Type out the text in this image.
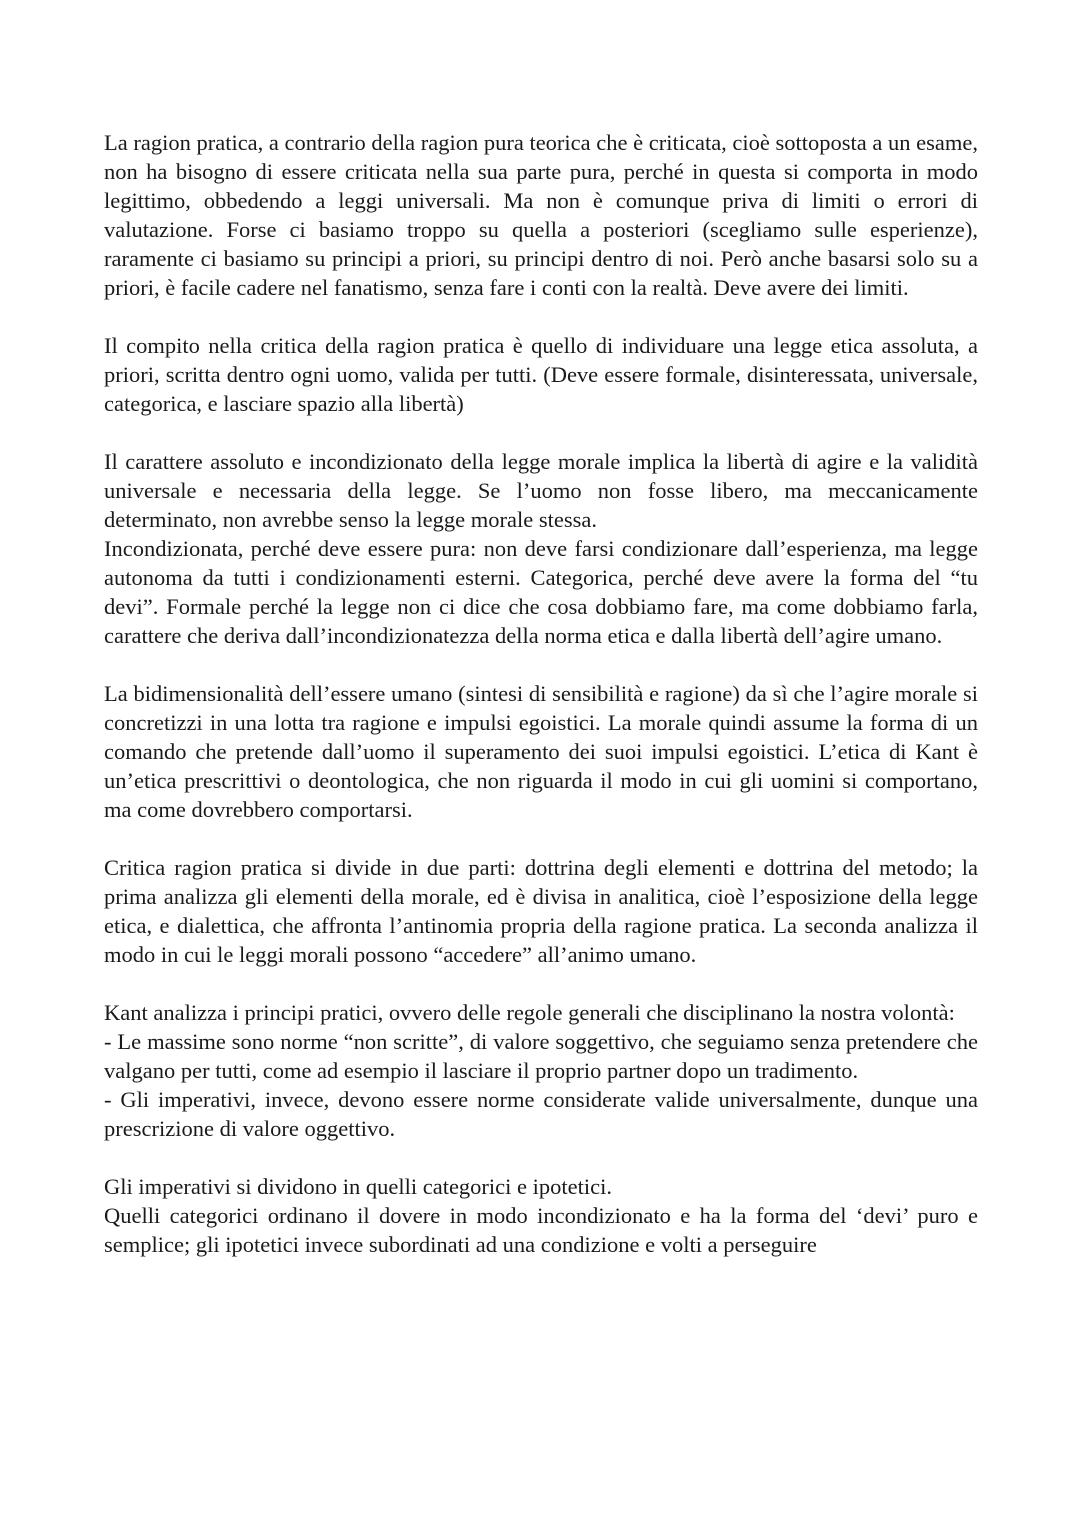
La ragion pratica, a contrario della ragion pura teorica che è criticata, cioè sottoposta a un esame, non ha bisogno di essere criticata nella sua parte pura, perché in questa si comporta in modo legittimo, obbedendo a leggi universali. Ma non è comunque priva di limiti o errori di valutazione. Forse ci basiamo troppo su quella a posteriori (scegliamo sulle esperienze), raramente ci basiamo su principi a priori, su principi dentro di noi. Però anche basarsi solo su a priori, è facile cadere nel fanatismo, senza fare i conti con la realtà. Deve avere dei limiti.

Il compito nella critica della ragion pratica è quello di individuare una legge etica assoluta, a priori, scritta dentro ogni uomo, valida per tutti. (Deve essere formale, disinteressata, universale, categorica, e lasciare spazio alla libertà)

Il carattere assoluto e incondizionato della legge morale implica la libertà di agire e la validità universale e necessaria della legge. Se l’uomo non fosse libero, ma meccanicamente determinato, non avrebbe senso la legge morale stessa.

Incondizionata, perché deve essere pura: non deve farsi condizionare dall’esperienza, ma legge autonoma da tutti i condizionamenti esterni. Categorica, perché deve avere la forma del “tu devi”. Formale perché la legge non ci dice che cosa dobbiamo fare, ma come dobbiamo farla, carattere che deriva dall’incondizionatezza della norma etica e dalla libertà dell’agire umano.

La bidimensionalità dell’essere umano (sintesi di sensibilità e ragione) da sì che l’agire morale si concretizzi in una lotta tra ragione e impulsi egoistici. La morale quindi assume la forma di un comando che pretende dall’uomo il superamento dei suoi impulsi egoistici. L’etica di Kant è un’etica prescrittivi o deontologica, che non riguarda il modo in cui gli uomini si comportano, ma come dovrebbero comportarsi.

Critica ragion pratica si divide in due parti: dottrina degli elementi e dottrina del metodo; la prima analizza gli elementi della morale, ed è divisa in analitica, cioè l’esposizione della legge etica, e dialettica, che affronta l’antinomia propria della ragione pratica. La seconda analizza il modo in cui le leggi morali possono “accedere” all’animo umano.

Kant analizza i principi pratici, ovvero delle regole generali che disciplinano la nostra volontà:

- Le massime sono norme “non scritte”, di valore soggettivo, che seguiamo senza pretendere che valgano per tutti, come ad esempio il lasciare il proprio partner dopo un tradimento.

- Gli imperativi, invece, devono essere norme considerate valide universalmente, dunque una prescrizione di valore oggettivo.

Gli imperativi si dividono in quelli categorici e ipotetici.

Quelli categorici ordinano il dovere in modo incondizionato e ha la forma del ‘devi’ puro e semplice; gli ipotetici invece subordinati ad una condizione e volti a perseguire
